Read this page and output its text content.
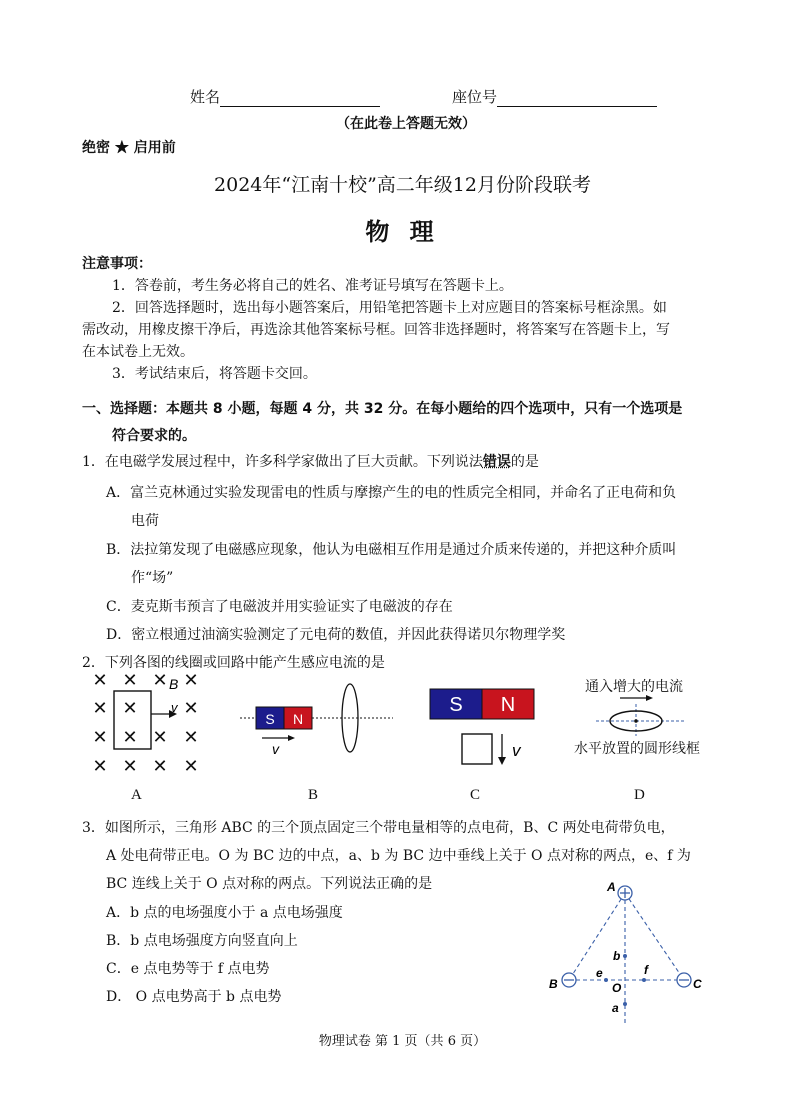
姓名	座位号
（在此卷上答题无效）
绝密 ★ 启用前
2024年“江南十校”高二年级12月份阶段联考
物 理
注意事项：
1．答卷前，考生务必将自己的姓名、准考证号填写在答题卡上。
2．回答选择题时，选出每小题答案后，用铅笔把答题卡上对应题目的答案标号框涂黑。如
需改动，用橡皮擦干净后，再选涂其他答案标号框。回答非选择题时，将答案写在答题卡上，写
在本试卷上无效。
3．考试结束后，将答题卡交回。
一、选择题：本题共 8 小题，每题 4 分，共 32 分。在每小题给的四个选项中，只有一个选项是
符合要求的。
1．在电磁学发展过程中，许多科学家做出了巨大贡献。下列说法错误的是
A．富兰克林通过实验发现雷电的性质与摩擦产生的电的性质完全相同，并命名了正电荷和负
电荷
B．法拉第发现了电磁感应现象，他认为电磁相互作用是通过介质来传递的，并把这种介质叫
作“场”
C．麦克斯韦预言了电磁波并用实验证实了电磁波的存在
D．密立根通过油滴实验测定了元电荷的数值，并因此获得诺贝尔物理学奖
2．下列各图的线圈或回路中能产生感应电流的是
✕ ✕ ✕ ✕
✕ ✕	✕
✕ ✕ ✕ ✕
✕ ✕ ✕ ✕
v
B
A
S N
v
B
S N
v
C
通入增大的电流
水平放置的圆形线框
D
3．如图所示，三角形 ABC 的三个顶点固定三个带电量相等的点电荷，B、C 两处电荷带负电，
A 处电荷带正电。O 为 BC 边的中点，a、b 为 BC 边中垂线上关于 O 点对称的两点，e、f 为
BC 连线上关于 O 点对称的两点。下列说法正确的是
A．b 点的电场强度小于 a 点电场强度
B．b 点电场强度方向竖直向上
C．e 点电势等于 f 点电势
D． O 点电势高于 b 点电势
A
B	C
O
b
a
e	f
物理试卷 第 1 页（共 6 页）
